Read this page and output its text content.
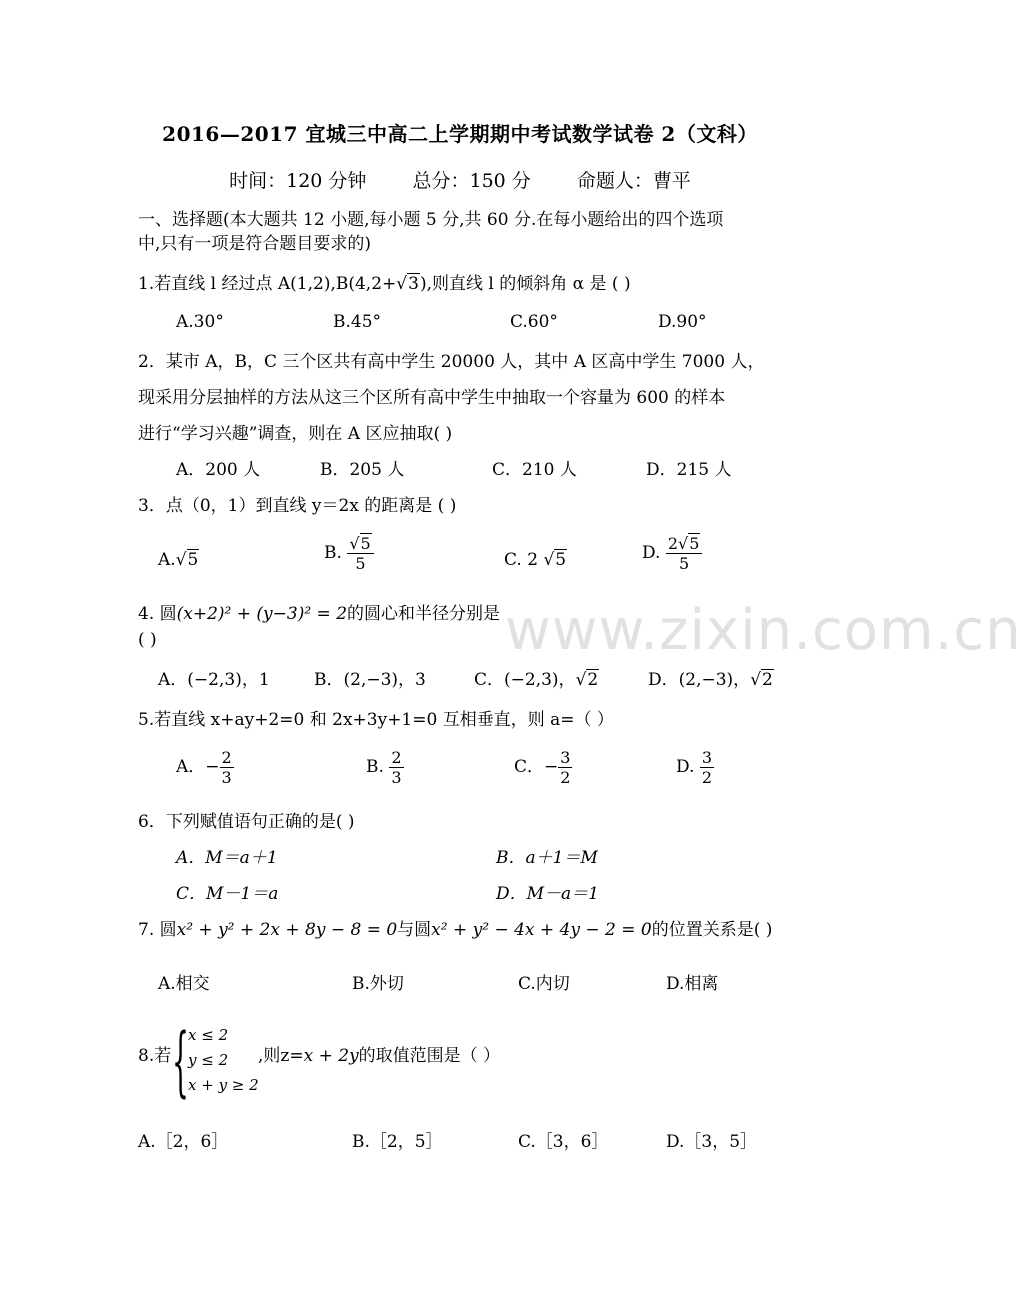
2016—2017 宜城三中高二上学期期中考试数学试卷 2（文科）
时间：120 分钟 总分：150 分 命题人：曹平
一、选择题(本大题共 12 小题,每小题 5 分,共 60 分.在每小题给出的四个选项
中,只有一项是符合题目要求的)
1.若直线 l 经过点 A(1,2),B(4,2+√3),则直线 l 的倾斜角 α 是 ( )
A.30°	B.45°	C.60°	D.90°
2．某市 A，B，C 三个区共有高中学生 20000 人，其中 A 区高中学生 7000 人，
现采用分层抽样的方法从这三个区所有高中学生中抽取一个容量为 600 的样本
进行“学习兴趣”调查，则在 A 区应抽取( )
A．200 人	B．205 人	C．210 人	D．215 人
3．点（0，1）到直线 y＝2x 的距离是 ( )
A.√5	B. $\frac{√5}{5}$	C. 2 √5	D. $\frac{2√5}{5}$
4. 圆(x+2)² + (y−3)² = 2的圆心和半径分别是
( )
A．(−2,3)，1	B．(2,−3)，3	C．(−2,3)，√2	D．(2,−3)，√2
5.若直线 x+ay+2=0 和 2x+3y+1=0 互相垂直，则 a=（ ）
A．− $\frac{2}{3}$	B. $\frac{2}{3}$	C．− $\frac{3}{2}$	D. $\frac{3}{2}$
6．下列赋值语句正确的是( )
A．M＝a＋1	B．a＋1＝M
C．M－1＝a	D．M－a＝1
7. 圆x² + y² + 2x + 8y − 8 = 0与圆x² + y² − 4x + 4y − 2 = 0的位置关系是( )
A.相交	B.外切	C.内切	D.相离
8.若 { x ≤ 2
y ≤ 2
x + y ≥ 2
,则z=x + 2y的取值范围是（ ）
A.［2，6］	B.［2，5］	C.［3，6］	D.［3，5］
www.zixin.com.cn
